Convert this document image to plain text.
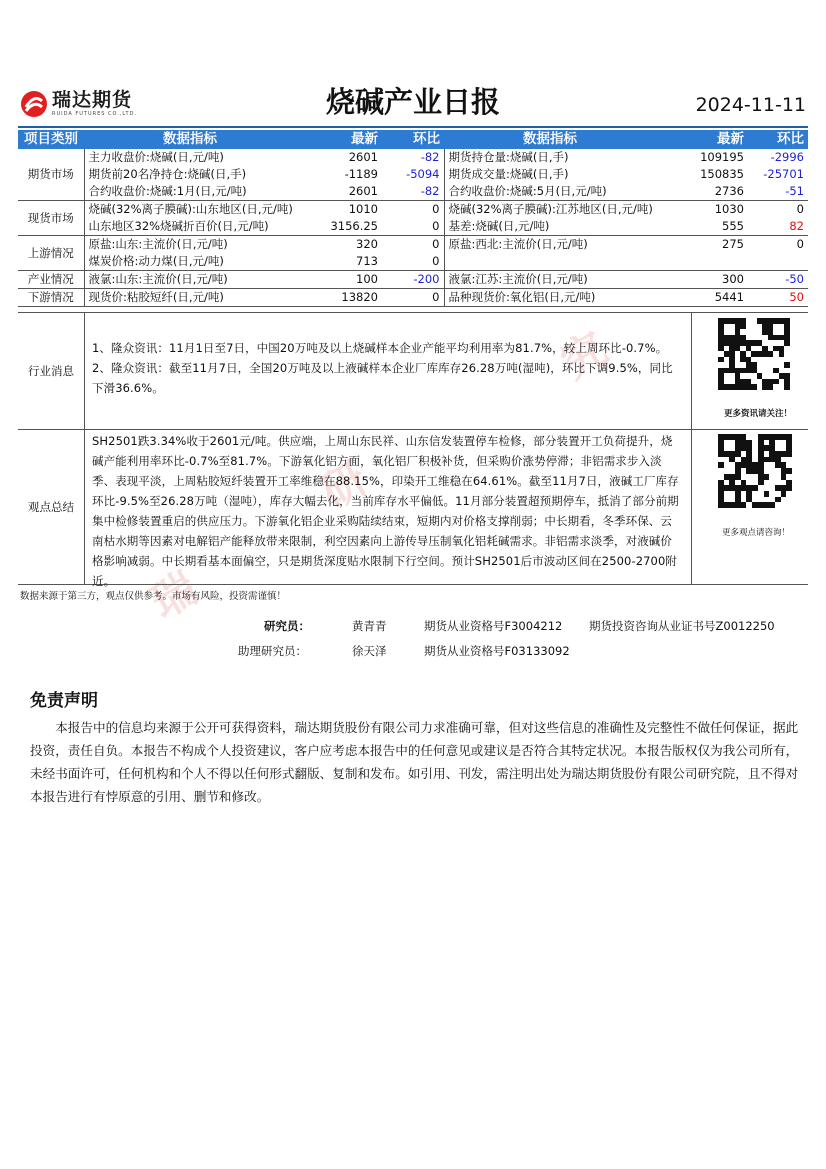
瑞
研
究
瑞达期货
RUIDA FUTURES CO.,LTD.	烧碱产业日报	2024-11-11
项目类别	数据指标	最新	环比	数据指标	最新	环比
期货市场	主力收盘价:烧碱(日,元/吨)	2601	-82	期货持仓量:烧碱(日,手)	109195	-2996
	期货前20名净持仓:烧碱(日,手)	-1189	-5094	期货成交量:烧碱(日,手)	150835	-25701
	合约收盘价:烧碱:1月(日,元/吨)	2601	-82	合约收盘价:烧碱:5月(日,元/吨)	2736	-51
现货市场	烧碱(32%离子膜碱):山东地区(日,元/吨)	1010	0	烧碱(32%离子膜碱):江苏地区(日,元/吨)	1030	0
	山东地区32%烧碱折百价(日,元/吨)	3156.25	0	基差:烧碱(日,元/吨)	555	82
上游情况	原盐:山东:主流价(日,元/吨)	320	0	原盐:西北:主流价(日,元/吨)	275	0
	煤炭价格:动力煤(日,元/吨)	713	0			
产业情况	液氯:山东:主流价(日,元/吨)	100	-200	液氯:江苏:主流价(日,元/吨)	300	-50
下游情况	现货价:粘胶短纤(日,元/吨)	13820	0	品种现货价:氧化铝(日,元/吨)	5441	50
行业消息
1、隆众资讯：11月1日至7日，中国20万吨及以上烧碱样本企业产能平均利用率为81.7%，较上周环比-0.7%。2、隆众资讯：截至11月7日，全国20万吨及以上液碱样本企业厂库库存26.28万吨(湿吨)，环比下调9.5%，同比下滑36.6%。
更多资讯请关注！
观点总结
SH2501跌3.34%收于2601元/吨。供应端，上周山东民祥、山东信发装置停车检修，部分装置开工负荷提升，烧碱产能利用率环比-0.7%至81.7%。下游氧化铝方面，氧化铝厂积极补货，但采购价涨势停滞；非铝需求步入淡季、表现平淡，上周粘胶短纤装置开工率维稳在88.15%，印染开工维稳在64.61%。截至11月7日，液碱工厂库存环比-9.5%至26.28万吨（湿吨），库存大幅去化，当前库存水平偏低。11月部分装置超预期停车，抵消了部分前期集中检修装置重启的供应压力。下游氧化铝企业采购陆续结束，短期内对价格支撑削弱；中长期看，冬季环保、云南枯水期等因素对电解铝产能释放带来限制，利空因素向上游传导压制氧化铝耗碱需求。非铝需求淡季，对液碱价格影响减弱。中长期看基本面偏空，只是期货深度贴水限制下行空间。预计SH2501后市波动区间在2500-2700附近。
更多观点请咨询！
数据来源于第三方，观点仅供参考。市场有风险，投资需谨慎！
研究员：	黄青青	期货从业资格号F3004212 期货投资咨询从业证书号Z0012250
助理研究员：	徐天泽	期货从业资格号F03133092
免责声明
本报告中的信息均来源于公开可获得资料，瑞达期货股份有限公司力求准确可靠，但对这些信息的准确性及完整性不做任何保证，据此投资，责任自负。本报告不构成个人投资建议，客户应考虑本报告中的任何意见或建议是否符合其特定状况。本报告版权仅为我公司所有，未经书面许可，任何机构和个人不得以任何形式翻版、复制和发布。如引用、刊发，需注明出处为瑞达期货股份有限公司研究院，且不得对本报告进行有悖原意的引用、删节和修改。
